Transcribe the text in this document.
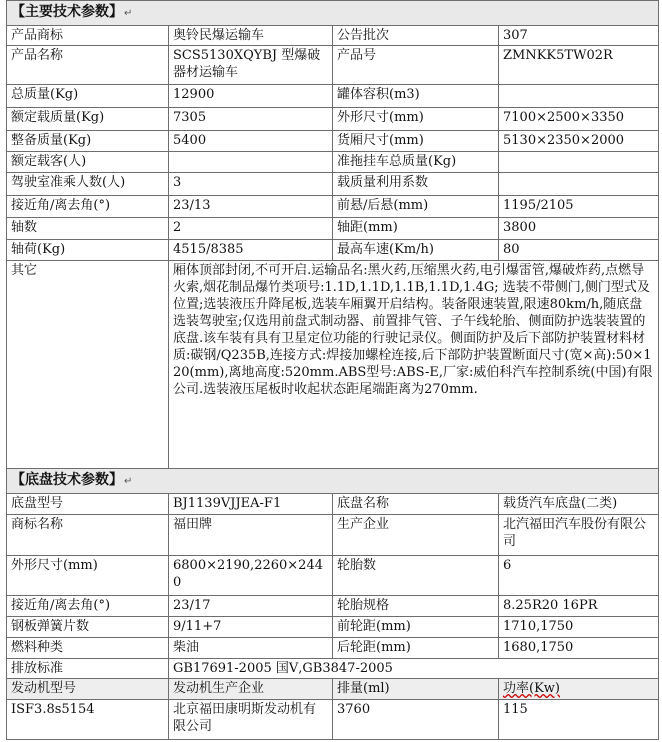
【主要技术参数】↵			
产品商标	奥铃民爆运输车	公告批次	307
产品名称	SCS5130XQYBJ 型爆破器材运输车	产品号	ZMNKK5TW02R
总质量(Kg)	12900	罐体容积(m3)	
额定载质量(Kg)	7305	外形尺寸(mm)	7100×2500×3350
整备质量(Kg)	5400	货厢尺寸(mm)	5130×2350×2000
额定载客(人)		准拖挂车总质量(Kg)	
驾驶室准乘人数(人)	3	载质量利用系数	
接近角/离去角(°)	23/13	前悬/后悬(mm)	1195/2105
轴数	2	轴距(mm)	3800
轴荷(Kg)	4515/8385	最高车速(Km/h)	80
其它	厢体顶部封闭,不可开启.运输品名:黑火药,压缩黑火药,电引爆雷管,爆破炸药,点燃导火索,烟花制品爆竹类项号:1.1D,1.1D,1.1B,1.1D,1.4G; 选装不带侧门,侧门型式及位置;选装液压升降尾板,选装车厢翼开启结构。装备限速装置,限速80km/h,随底盘选装驾驶室;仅选用前盘式制动器、前置排气管、子午线轮胎、侧面防护选装装置的底盘.该车装有具有卫星定位功能的行驶记录仪。侧面防护及后下部防护装置材料材质:碳钢/Q235B,连接方式:焊接加螺栓连接,后下部防护装置断面尺寸(宽×高):50×120(mm),离地高度:520mm.ABS型号:ABS-E,厂家:威伯科汽车控制系统(中国)有限公司.选装液压尾板时收起状态距尾端距离为270mm.		
【底盘技术参数】↵			
底盘型号	BJ1139VJJEA-F1	底盘名称	载货汽车底盘(二类)
商标名称	福田牌	生产企业	北汽福田汽车股份有限公司
外形尺寸(mm)	6800×2190,2260×2440	轮胎数	6
接近角/离去角(°)	23/17	轮胎规格	8.25R20 16PR
钢板弹簧片数	9/11+7	前轮距(mm)	1710,1750
燃料种类	柴油	后轮距(mm)	1680,1750
排放标准	GB17691-2005 国Ⅴ,GB3847-2005		
发动机型号	发动机生产企业	排量(ml)	功率(Kw)
ISF3.8s5154	北京福田康明斯发动机有限公司	3760	115
